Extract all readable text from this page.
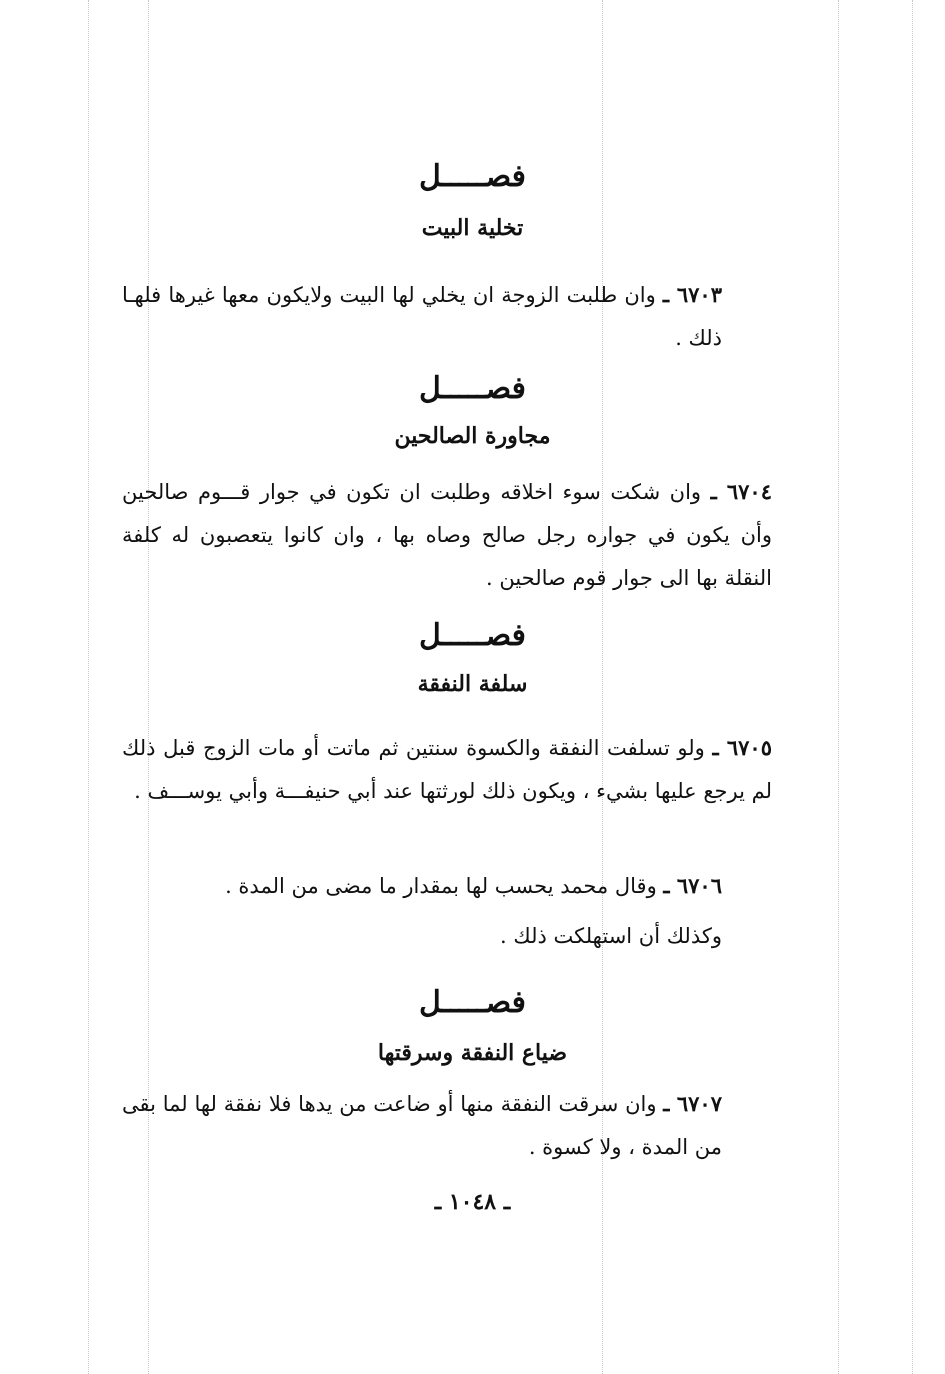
فصـــــل
تخلية البيت
٦٧٠٣ ـ وان طلبت الزوجة ان يخلي لها البيت ولايكون معها غيرها فلهـا ذلك .
فصـــــل
مجاورة الصالحين
٦٧٠٤ ـ وان شكت سوء اخلاقه وطلبت ان تكون في جوار قـــوم صالحين وأن يكون في جواره رجل صالح وصاه بها ، وان كانوا يتعصبون له كلفة النقلة بها الى جوار قوم صالحين .
فصـــــل
سلفة النفقة
٦٧٠٥ ـ ولو تسلفت النفقة والكسوة سنتين ثم ماتت أو مات الزوج قبل ذلك لم يرجع عليها بشيء ، ويكون ذلك لورثتها عند أبي حنيفـــة وأبي يوســـف .
٦٧٠٦ ـ وقال محمد يحسب لها بمقدار ما مضى من المدة .
وكذلك أن استهلكت ذلك .
فصـــــل
ضياع النفقة وسرقتها
٦٧٠٧ ـ وان سرقت النفقة منها أو ضاعت من يدها فلا نفقة لها لما بقى من المدة ، ولا كسوة .
ـ ١٠٤٨ ـ
